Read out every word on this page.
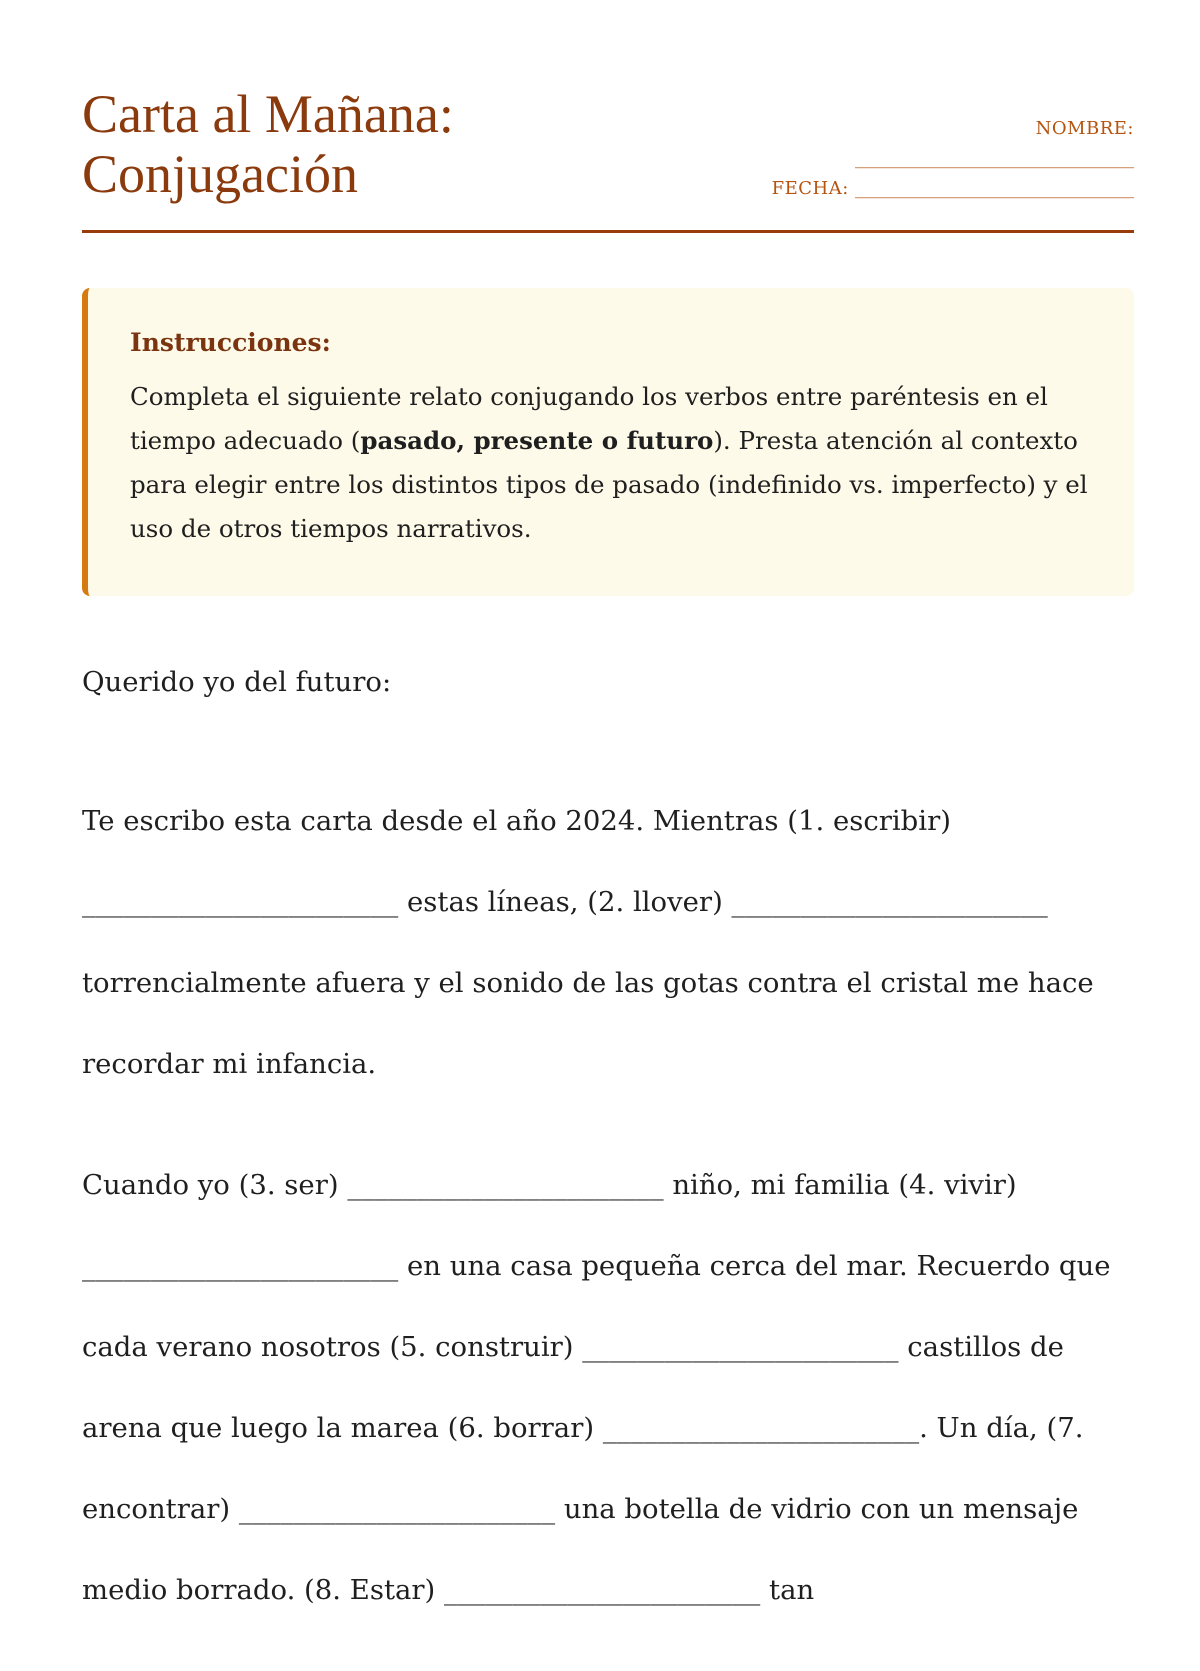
Carta al Mañana:
Conjugación
NOMBRE:
_______________________________
FECHA: _______________________________

Instrucciones:

Completa el siguiente relato conjugando los verbos entre paréntesis en el tiempo adecuado (pasado, presente o futuro). Presta atención al contexto para elegir entre los distintos tipos de pasado (indefinido vs. imperfecto) y el uso de otros tiempos narrativos.

Querido yo del futuro:

Te escribo esta carta desde el año 2024. Mientras (1. escribir) _______________________ estas líneas, (2. llover) _______________________ torrencialmente afuera y el sonido de las gotas contra el cristal me hace recordar mi infancia.

Cuando yo (3. ser) _______________________ niño, mi familia (4. vivir) _______________________ en una casa pequeña cerca del mar. Recuerdo que cada verano nosotros (5. construir) _______________________ castillos de arena que luego la marea (6. borrar) _______________________. Un día, (7. encontrar) _______________________ una botella de vidrio con un mensaje medio borrado. (8. Estar) _______________________ tan
